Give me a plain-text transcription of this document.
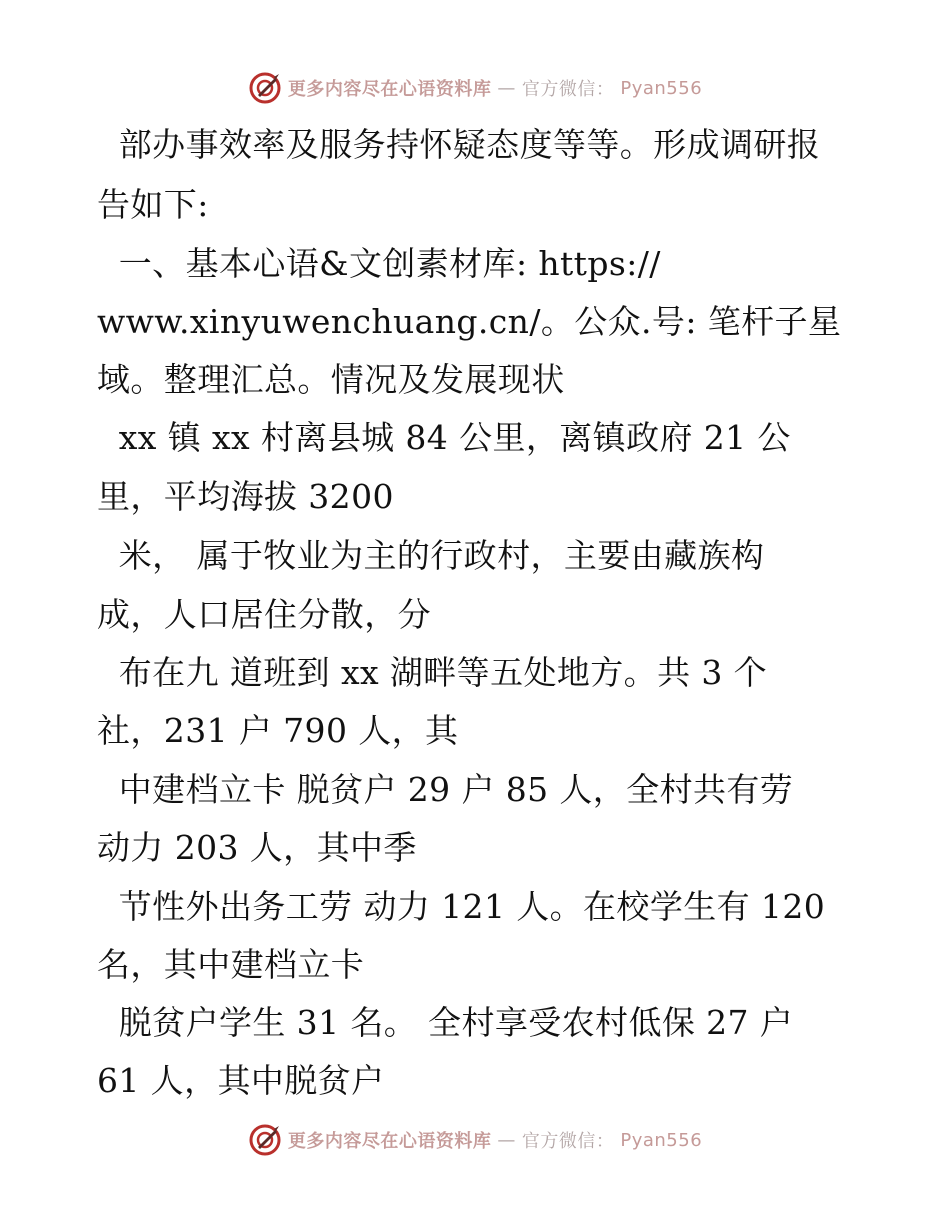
更多内容尽在心语资料库 — 官方微信： Pyan556
部办事效率及服务持怀疑态度等等。形成调研报
告如下:
一、基本心语&文创素材库: https://
www.xinyuwenchuang.cn/。公众.号: 笔杆子星
域。整理汇总。情况及发展现状
xx 镇 xx 村离县城 84 公里，离镇政府 21 公
里，平均海拔 3200
米， 属于牧业为主的行政村，主要由藏族构
成，人口居住分散，分
布在九 道班到 xx 湖畔等五处地方。共 3 个
社，231 户 790 人，其
中建档立卡 脱贫户 29 户 85 人，全村共有劳
动力 203 人，其中季
节性外出务工劳 动力 121 人。在校学生有 120
名，其中建档立卡
脱贫户学生 31 名。 全村享受农村低保 27 户
61 人，其中脱贫户
更多内容尽在心语资料库 — 官方微信： Pyan556
